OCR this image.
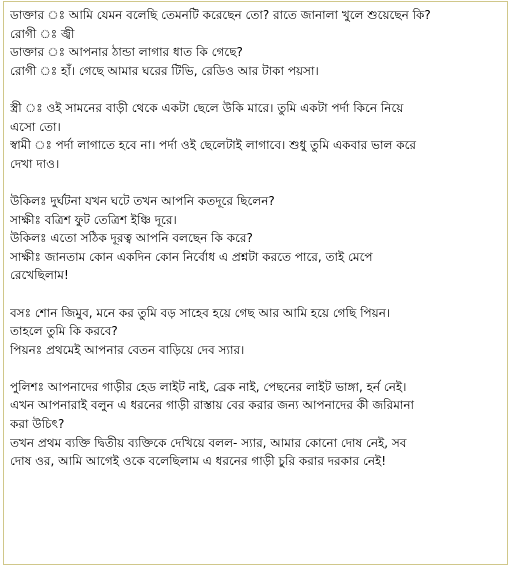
ডাক্তার ঃ আমি যেমন বলেছি তেমনটি করেছেন তো? রাতে জানালা খুলে শুয়েছেন কি?
রোগী ঃ জ্বী
ডাক্তার ঃ আপনার ঠান্ডা লাগার ধাত কি গেছে?
রোগী ঃ হাঁ। গেছে আমার ঘরের টিভি, রেডিও আর টাকা পয়সা।
স্ত্রী ঃ ওই সামনের বাড়ী থেকে একটা ছেলে উকি মারে। তুমি একটা পর্দা কিনে নিয়ে
এসো তো।
স্বামী ঃ পর্দা লাগাতে হবে না। পর্দা ওই ছেলেটাই লাগাবে। শুধু তুমি একবার ভাল করে
দেখা দাও।
উকিলঃ দুর্ঘটনা যখন ঘটে তখন আপনি কতদূরে ছিলেন?
সাক্ষীঃ বত্রিশ ফুট তেত্রিশ ইঞ্চি দূরে।
উকিলঃ এতো সঠিক দূরত্ব আপনি বলছেন কি করে?
সাক্ষীঃ জানতাম কোন একদিন কোন নির্বোধ এ প্রশ্নটা করতে পারে, তাই মেপে
রেখেছিলাম!
বসঃ শোন জিমুব, মনে কর তুমি বড় সাহেব হয়ে গেছ আর আমি হয়ে গেছি পিয়ন।
তাহলে তুমি কি করবে?
পিয়নঃ প্রথমেই আপনার বেতন বাড়িয়ে দেব স্যার।
পুলিশঃ আপনাদের গাড়ীর হেড লাইট নাই, ব্রেক নাই, পেছনের লাইট ভাঙ্গা, হর্ন নেই।
এখন আপনারাই বলুন এ ধরনের গাড়ী রাস্তায় বের করার জন্য আপনাদের কী জরিমানা
করা উচিৎ?
তখন প্রথম ব্যক্তি দ্বিতীয় ব্যক্তিকে দেখিয়ে বলল- স্যার, আমার কোনো দোষ নেই, সব
দোষ ওর, আমি আগেই ওকে বলেছিলাম এ ধরনের গাড়ী চুরি করার দরকার নেই!
